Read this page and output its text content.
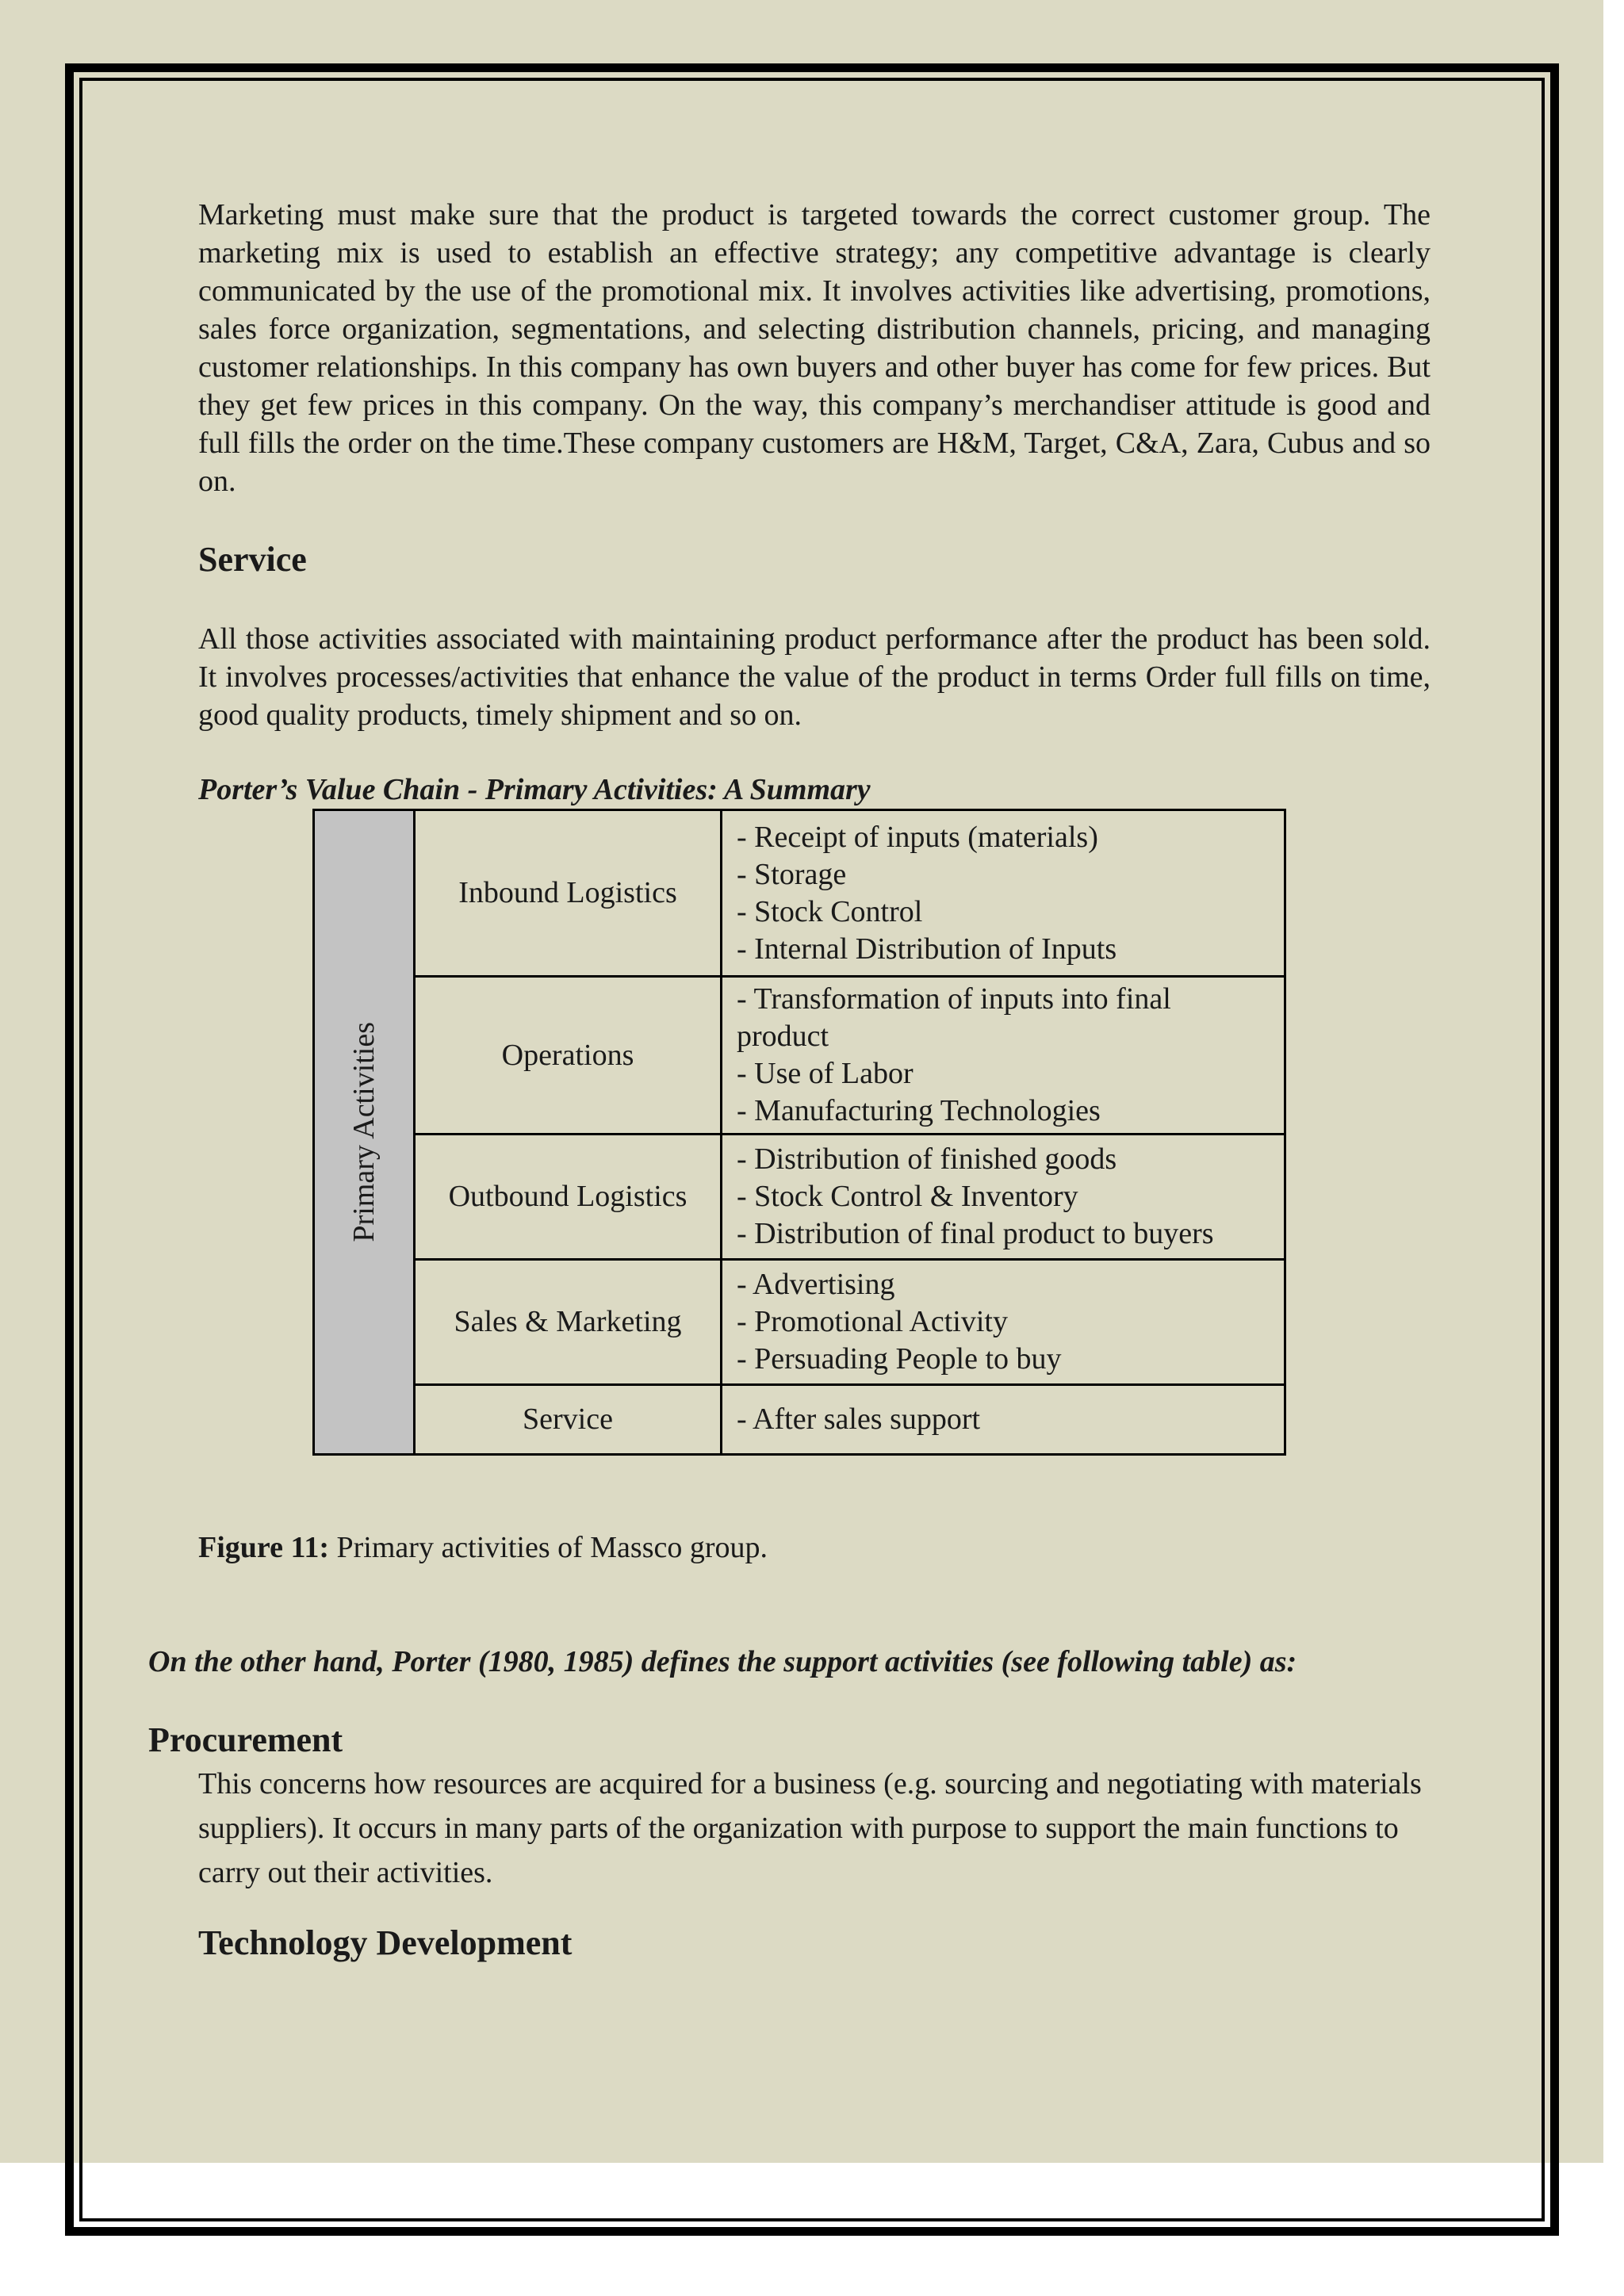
Marketing must make sure that the product is targeted towards the correct customer group. The marketing mix is used to establish an effective strategy; any competitive advantage is clearly communicated by the use of the promotional mix. It involves activities like advertising, promotions, sales force organization, segmentations, and selecting distribution channels, pricing, and managing customer relationships. In this company has own buyers and other buyer has come for few prices. But they get few prices in this company. On the way, this company’s merchandiser attitude is good and full fills the order on the time.These company customers are H&M, Target, C&A, Zara, Cubus and so on.

Service

All those activities associated with maintaining product performance after the product has been sold. It involves processes/activities that enhance the value of the product in terms Order full fills on time, good quality products, timely shipment and so on.

Porter’s Value Chain - Primary Activities: A Summary

Primary Activities	Inbound Logistics	- Receipt of inputs (materials)
- Storage
- Stock Control
- Internal Distribution of Inputs

	Operations	- Transformation of inputs into final product
- Use of Labor
- Manufacturing Technologies

	Outbound Logistics	- Distribution of finished goods
- Stock Control & Inventory
- Distribution of final product to buyers

	Sales & Marketing	- Advertising
- Promotional Activity
- Persuading People to buy

	Service	- After sales support

Figure 11: Primary activities of Massco group.

On the other hand, Porter (1980, 1985) defines the support activities (see following table) as:

Procurement

This concerns how resources are acquired for a business (e.g. sourcing and negotiating with materials suppliers). It occurs in many parts of the organization with purpose to support the main functions to carry out their activities.

Technology Development
